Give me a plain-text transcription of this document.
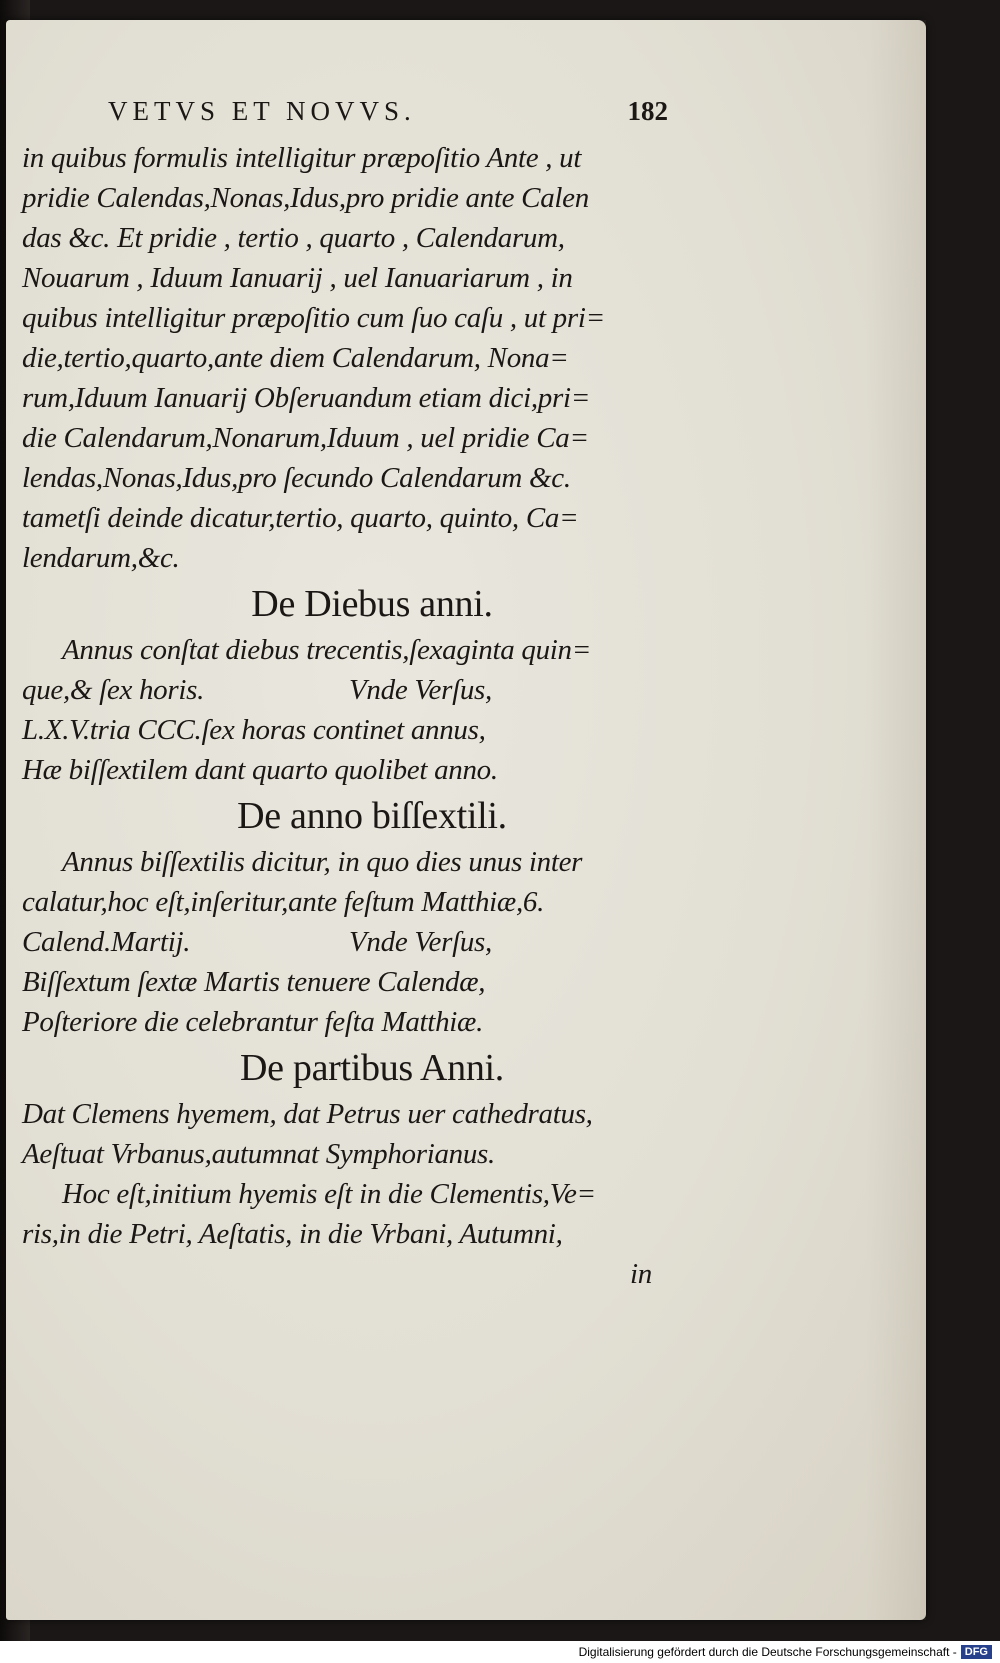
VETVS ET NOVVS.	182
in quibus formulis intelligitur præpoſitio Ante , ut
pridie Calendas,Nonas,Idus,pro pridie ante Calen
das &c. Et pridie , tertio , quarto , Calendarum,
Nouarum , Iduum Ianuarij , uel Ianuariarum , in
quibus intelligitur præpoſitio cum ſuo caſu , ut pri=
die,tertio,quarto,ante diem Calendarum, Nona=
rum,Iduum Ianuarij Obſeruandum etiam dici,pri=
die Calendarum,Nonarum,Iduum , uel pridie Ca=
lendas,Nonas,Idus,pro ſecundo Calendarum &c.
tametſi deinde dicatur,tertio, quarto, quinto, Ca=
lendarum,&c.
De Diebus anni.
Annus conſtat diebus trecentis,ſexaginta quin=
que,& ſex horis.	Vnde Verſus,
L.X.V.tria CCC.ſex horas continet annus,
Hæ biſſextilem dant quarto quolibet anno.
De anno biſſextili.
Annus biſſextilis dicitur, in quo dies unus inter
calatur,hoc eſt,inſeritur,ante feſtum Matthiæ,6.
Calend.Martij.	Vnde Verſus,
Biſſextum ſextæ Martis tenuere Calendæ,
Poſteriore die celebrantur feſta Matthiæ.
De partibus Anni.
Dat Clemens hyemem, dat Petrus uer cathedratus,
Aeſtuat Vrbanus,autumnat Symphorianus.
Hoc eſt,initium hyemis eſt in die Clementis,Ve=
ris,in die Petri, Aeſtatis, in die Vrbani, Autumni,
in
Digitalisierung gefördert durch die Deutsche Forschungsgemeinschaft - DFG
